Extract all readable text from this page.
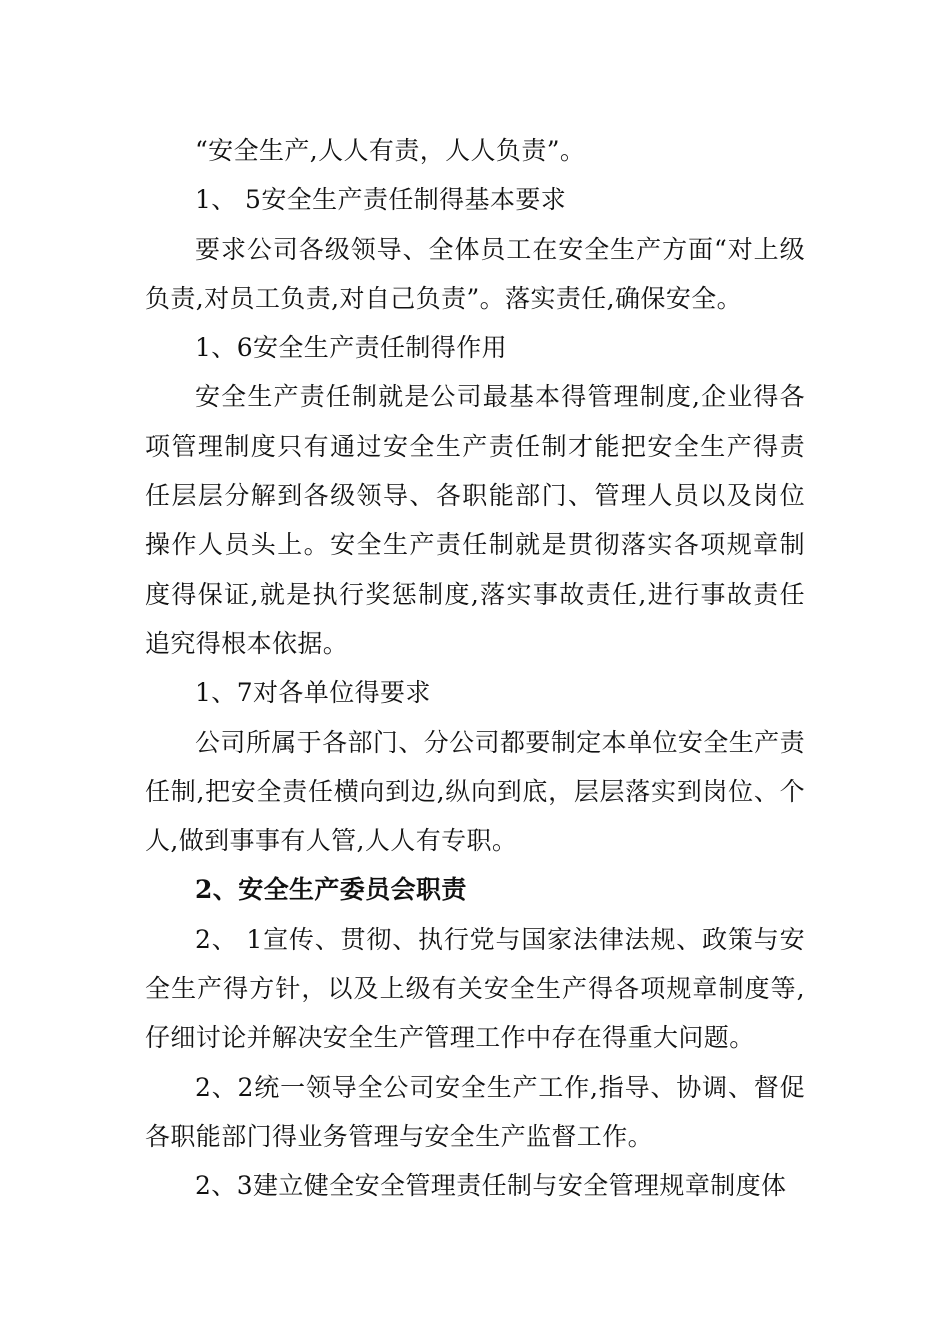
“安全生产,人人有责，人人负责”。

1、 5安全生产责任制得基本要求

要求公司各级领导、全体员工在安全生产方面“对上级负责,对员工负责,对自己负责”。落实责任,确保安全。

1、6安全生产责任制得作用

安全生产责任制就是公司最基本得管理制度,企业得各项管理制度只有通过安全生产责任制才能把安全生产得责任层层分解到各级领导、各职能部门、管理人员以及岗位操作人员头上。安全生产责任制就是贯彻落实各项规章制度得保证,就是执行奖惩制度,落实事故责任,进行事故责任追究得根本依据。

1、7对各单位得要求

公司所属于各部门、分公司都要制定本单位安全生产责任制,把安全责任横向到边,纵向到底，层层落实到岗位、个人,做到事事有人管,人人有专职。

2、安全生产委员会职责

2、 1宣传、贯彻、执行党与国家法律法规、政策与安全生产得方针，以及上级有关安全生产得各项规章制度等,仔细讨论并解决安全生产管理工作中存在得重大问题。

2、2统一领导全公司安全生产工作,指导、协调、督促各职能部门得业务管理与安全生产监督工作。

2、3建立健全安全管理责任制与安全管理规章制度体
